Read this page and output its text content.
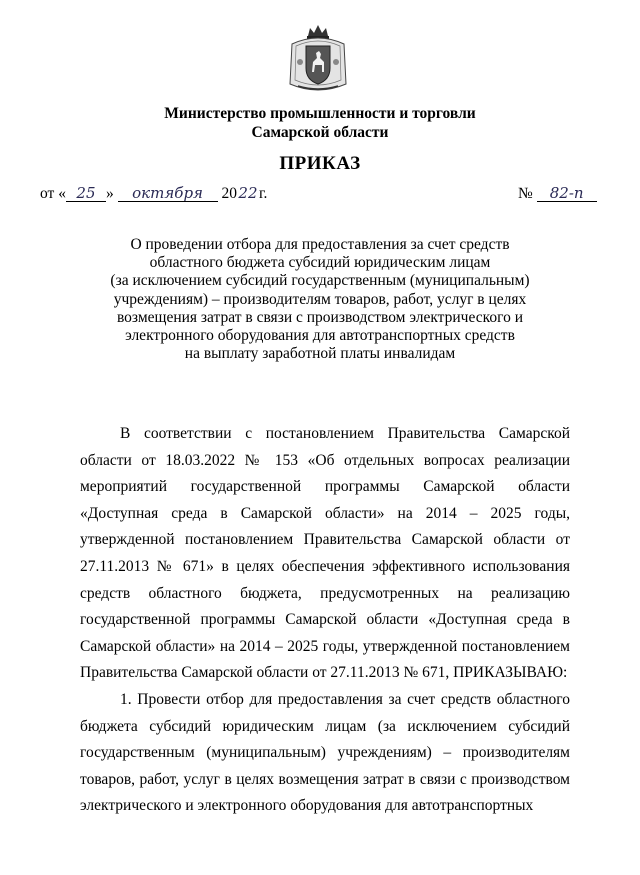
Министерство промышленности и торговли
Самарской области
ПРИКАЗ
от « 25 » октября 2022г.	№ 82-п
О проведении отбора для предоставления за счет средств
областного бюджета субсидий юридическим лицам
(за исключением субсидий государственным (муниципальным)
учреждениям) – производителям товаров, работ, услуг в целях
возмещения затрат в связи с производством электрического и
электронного оборудования для автотранспортных средств
на выплату заработной платы инвалидам

В соответствии с постановлением Правительства Самарской области от 18.03.2022 № 153 «Об отдельных вопросах реализации мероприятий государственной программы Самарской области «Доступная среда в Самарской области» на 2014 – 2025 годы, утвержденной постановлением Правительства Самарской области от 27.11.2013 № 671» в целях обеспечения эффективного использования средств областного бюджета, предусмотренных на реализацию государственной программы Самарской области «Доступная среда в Самарской области» на 2014 – 2025 годы, утвержденной постановлением Правительства Самарской области от 27.11.2013 № 671, ПРИКАЗЫВАЮ:

1. Провести отбор для предоставления за счет средств областного бюджета субсидий юридическим лицам (за исключением субсидий государственным (муниципальным) учреждениям) – производителям товаров, работ, услуг в целях возмещения затрат в связи с производством электрического и электронного оборудования для автотранспортных
